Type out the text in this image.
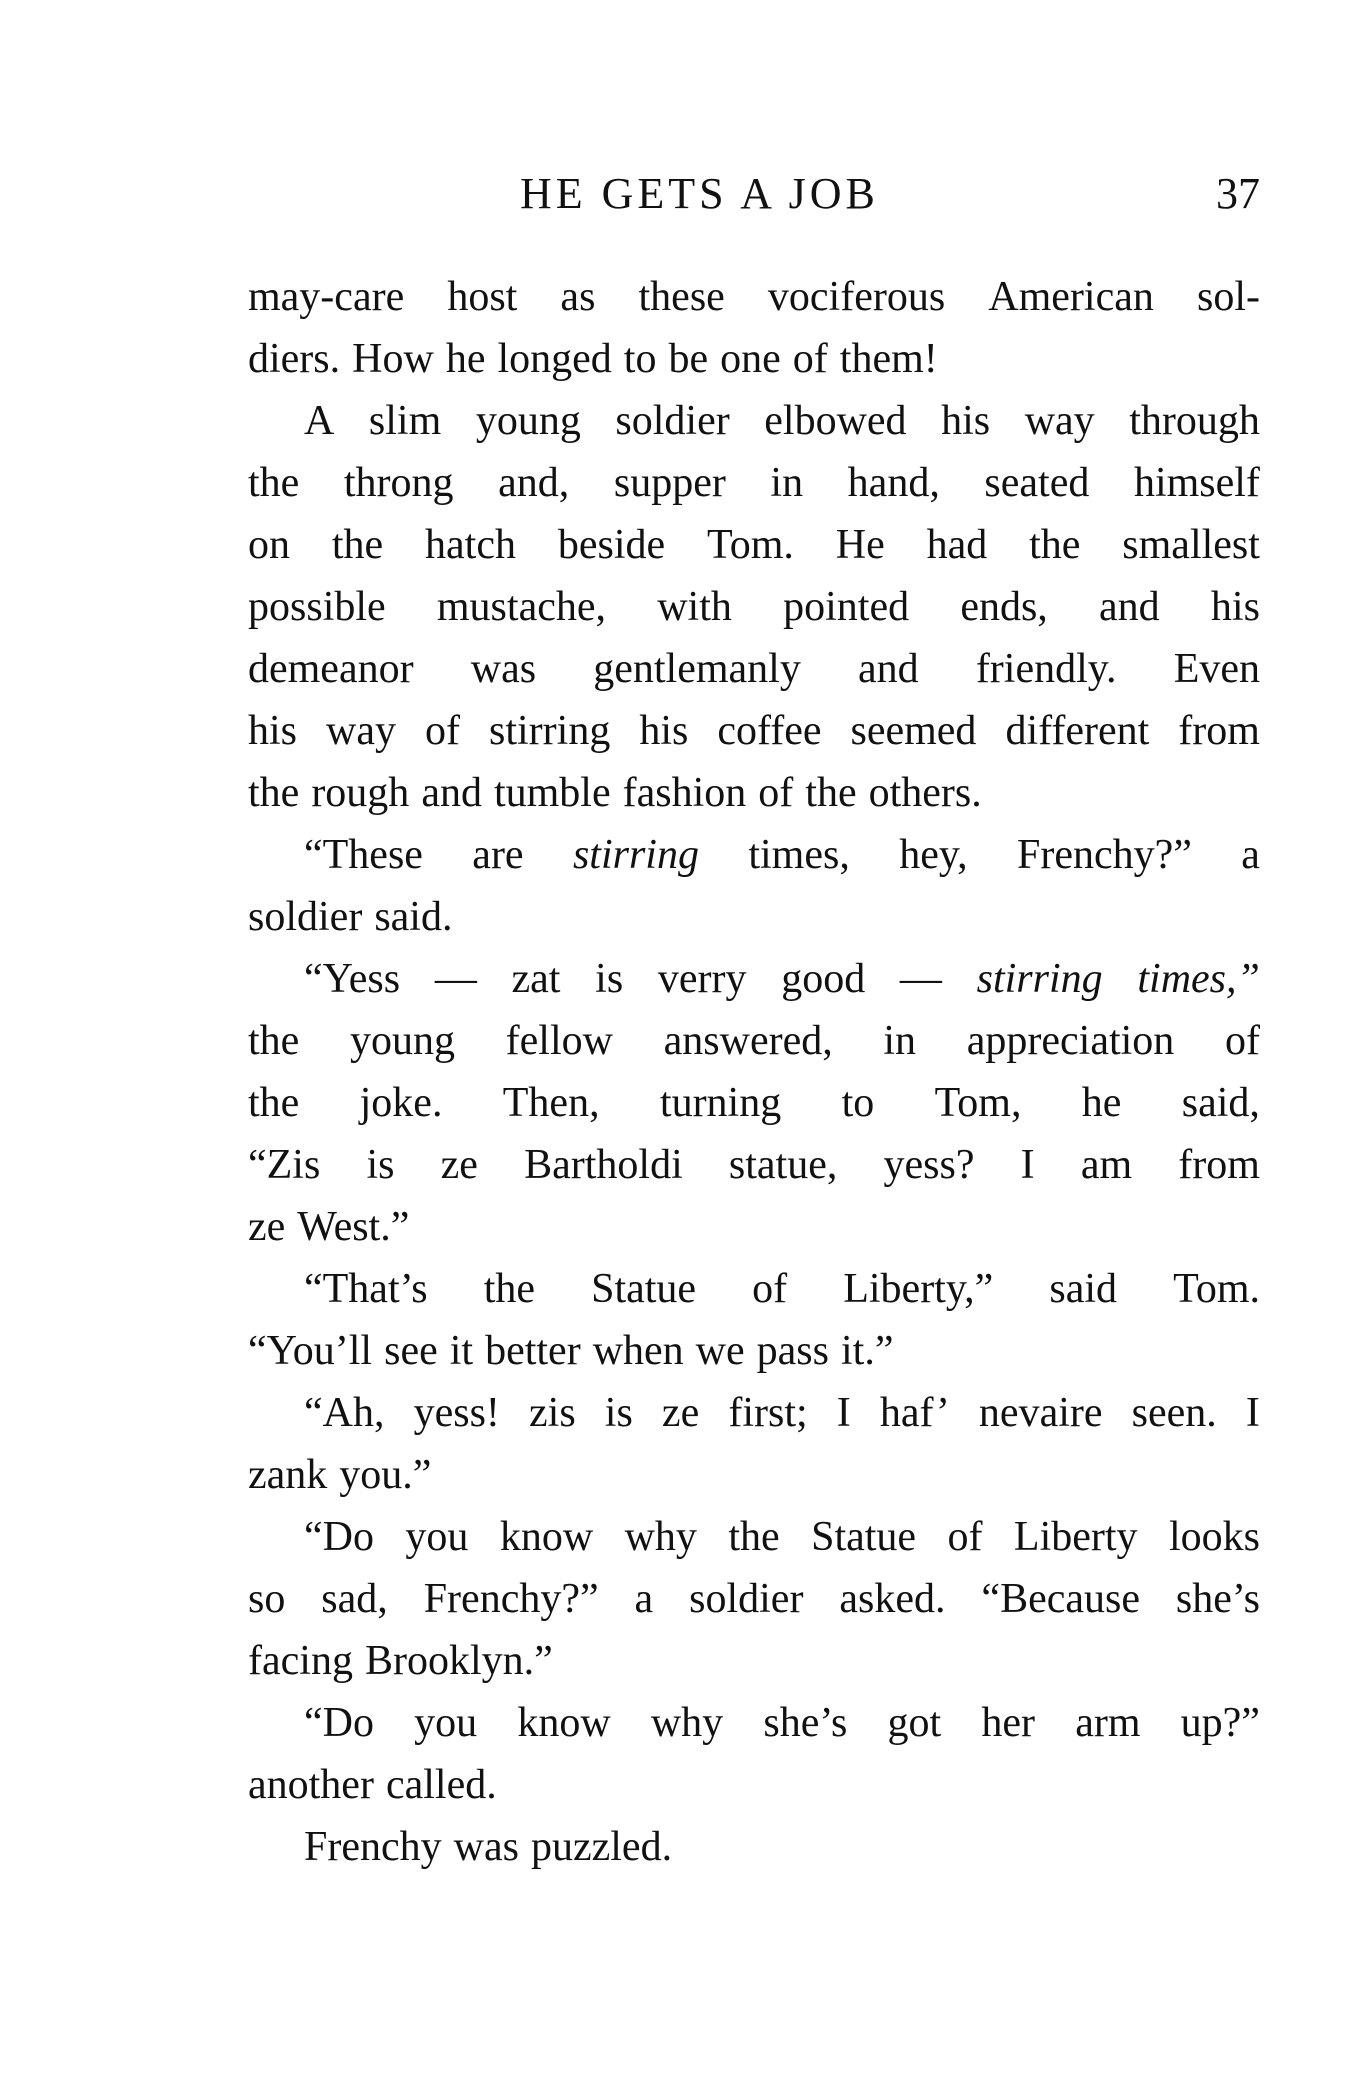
HE GETS A JOB	37
may-care host as these vociferous American sol-
diers. How he longed to be one of them!
A slim young soldier elbowed his way through
the throng and, supper in hand, seated himself
on the hatch beside Tom. He had the smallest
possible mustache, with pointed ends, and his
demeanor was gentlemanly and friendly. Even
his way of stirring his coffee seemed different from
the rough and tumble fashion of the others.
“These are stirring times, hey, Frenchy?” a
soldier said.
“Yess — zat is verry good — stirring times,”
the young fellow answered, in appreciation of
the joke. Then, turning to Tom, he said,
“Zis is ze Bartholdi statue, yess? I am from
ze West.”
“That’s the Statue of Liberty,” said Tom.
“You’ll see it better when we pass it.”
“Ah, yess! zis is ze first; I haf’ nevaire seen. I
zank you.”
“Do you know why the Statue of Liberty looks
so sad, Frenchy?” a soldier asked. “Because she’s
facing Brooklyn.”
“Do you know why she’s got her arm up?”
another called.
Frenchy was puzzled.
